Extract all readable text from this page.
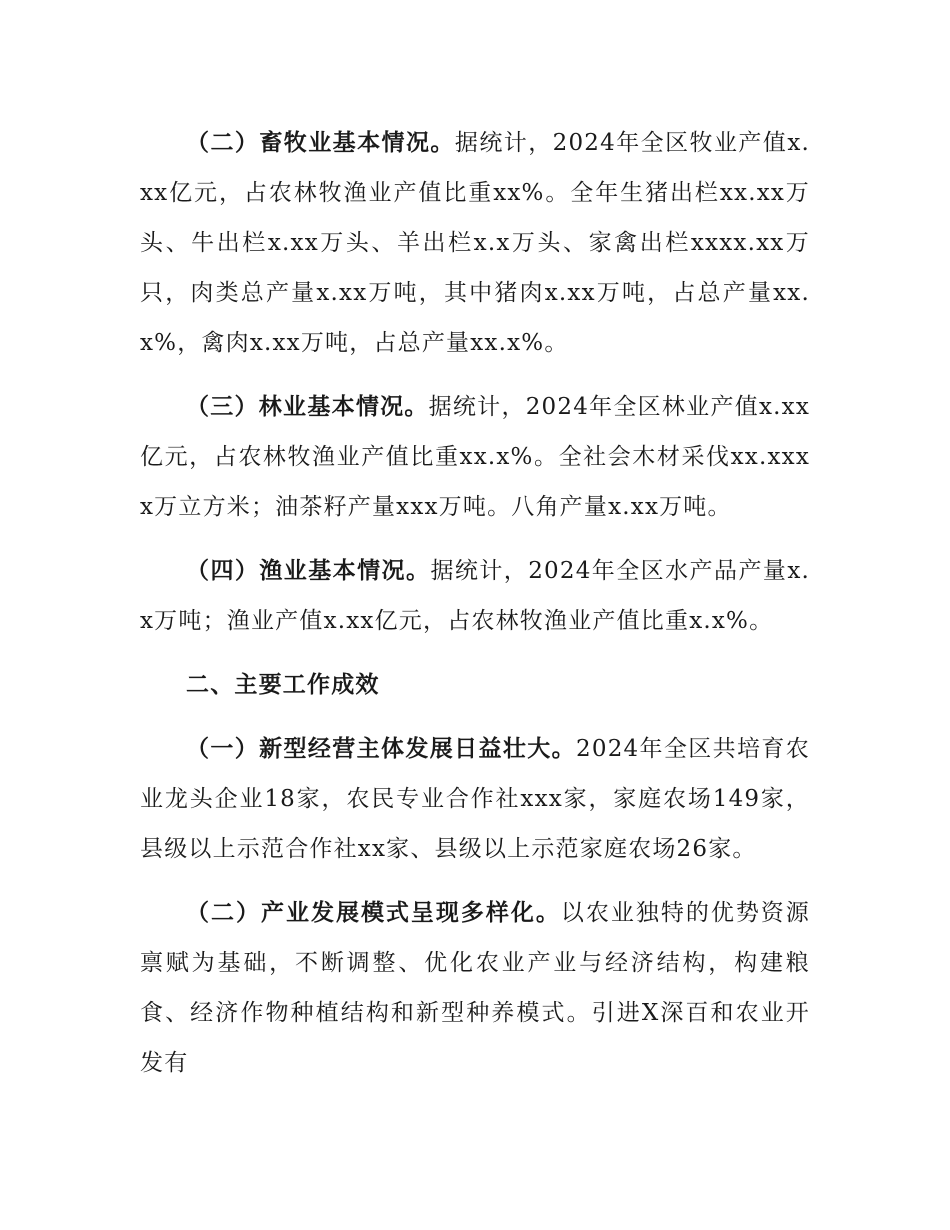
（二）畜牧业基本情况。据统计，2024年全区牧业产值x.xx亿元，占农林牧渔业产值比重xx%。全年生猪出栏xx.xx万头、牛出栏x.xx万头、羊出栏x.x万头、家禽出栏xxxx.xx万只，肉类总产量x.xx万吨，其中猪肉x.xx万吨，占总产量xx.x%，禽肉x.xx万吨，占总产量xx.x%。

（三）林业基本情况。据统计，2024年全区林业产值x.xx亿元，占农林牧渔业产值比重xx.x%。全社会木材采伐xx.xxxx万立方米；油茶籽产量xxx万吨。八角产量x.xx万吨。

（四）渔业基本情况。据统计，2024年全区水产品产量x.x万吨；渔业产值x.xx亿元，占农林牧渔业产值比重x.x%。

二、主要工作成效

（一）新型经营主体发展日益壮大。2024年全区共培育农业龙头企业18家，农民专业合作社xxx家，家庭农场149家，县级以上示范合作社xx家、县级以上示范家庭农场26家。

（二）产业发展模式呈现多样化。以农业独特的优势资源禀赋为基础，不断调整、优化农业产业与经济结构，构建粮食、经济作物种植结构和新型种养模式。引进X深百和农业开发有
